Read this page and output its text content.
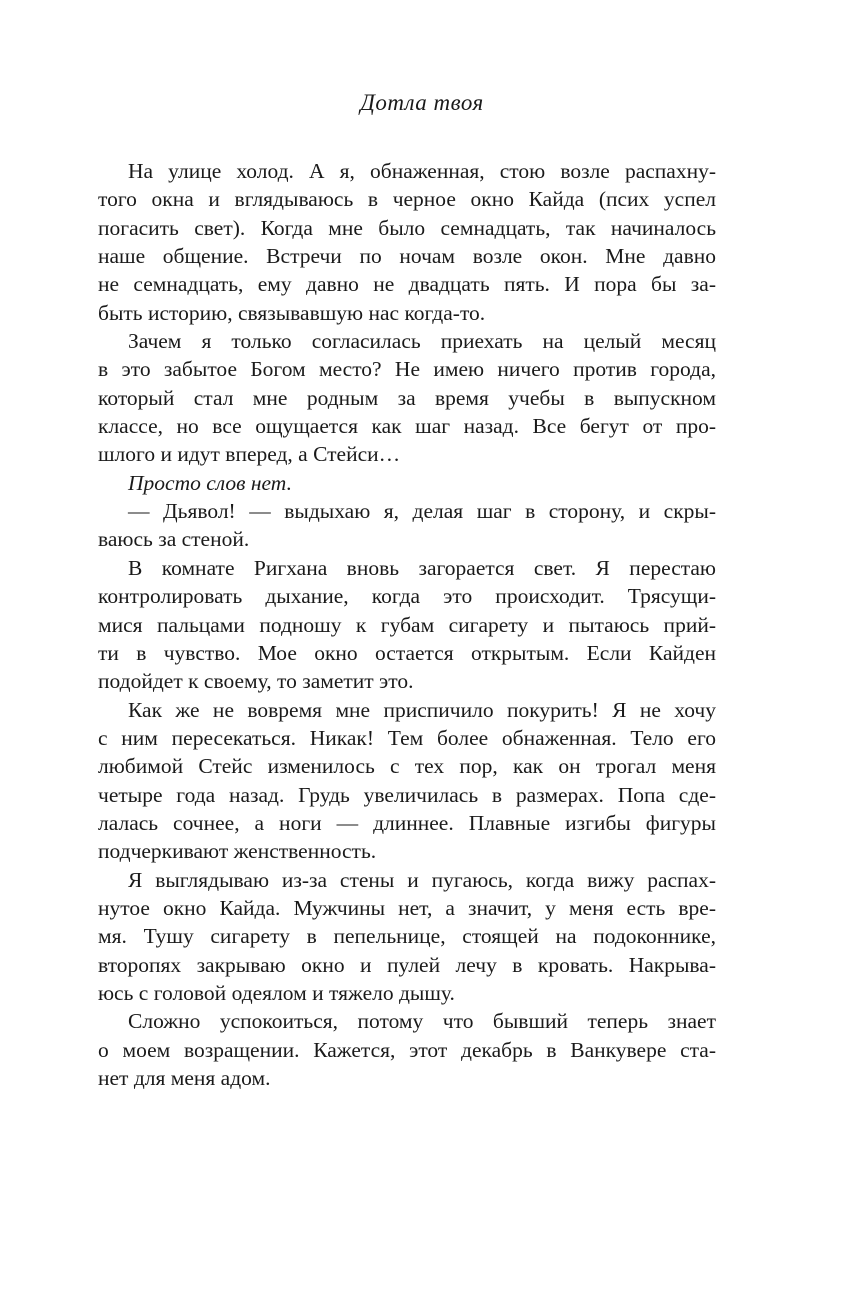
Дотла твоя
На улице холод. А я, обнаженная, стою возле распахну-
того окна и вглядываюсь в черное окно Кайда (псих успел
погасить свет). Когда мне было семнадцать, так начиналось
наше общение. Встречи по ночам возле окон. Мне давно
не семнадцать, ему давно не двадцать пять. И пора бы за-
быть историю, связывавшую нас когда-то.
Зачем я только согласилась приехать на целый месяц
в это забытое Богом место? Не имею ничего против города,
который стал мне родным за время учебы в выпускном
классе, но все ощущается как шаг назад. Все бегут от про-
шлого и идут вперед, а Стейси…
Просто слов нет.
— Дьявол! — выдыхаю я, делая шаг в сторону, и скры-
ваюсь за стеной.
В комнате Ригхана вновь загорается свет. Я перестаю
контролировать дыхание, когда это происходит. Трясущи-
мися пальцами подношу к губам сигарету и пытаюсь прий-
ти в чувство. Мое окно остается открытым. Если Кайден
подойдет к своему, то заметит это.
Как же не вовремя мне приспичило покурить! Я не хочу
с ним пересекаться. Никак! Тем более обнаженная. Тело его
любимой Стейс изменилось с тех пор, как он трогал меня
четыре года назад. Грудь увеличилась в размерах. Попа сде-
лалась сочнее, а ноги — длиннее. Плавные изгибы фигуры
подчеркивают женственность.
Я выглядываю из-за стены и пугаюсь, когда вижу распах-
нутое окно Кайда. Мужчины нет, а значит, у меня есть вре-
мя. Тушу сигарету в пепельнице, стоящей на подоконнике,
второпях закрываю окно и пулей лечу в кровать. Накрыва-
юсь с головой одеялом и тяжело дышу.
Сложно успокоиться, потому что бывший теперь знает
о моем возращении. Кажется, этот декабрь в Ванкувере ста-
нет для меня адом.
